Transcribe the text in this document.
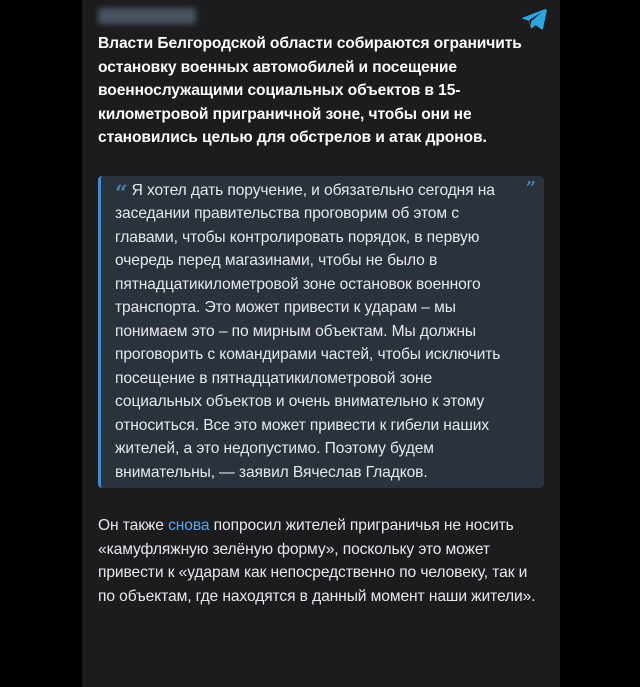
Власти Белгородской области собираются ограничить остановку военных автомобилей и посещение военнослужащими социальных объектов в 15-километровой приграничной зоне, чтобы они не становились целью для обстрелов и атак дронов.

”

“ Я хотел дать поручение, и обязательно сегодня на заседании правительства проговорим об этом с главами, чтобы контролировать порядок, в первую очередь перед магазинами, чтобы не было в пятнадцатикилометровой зоне остановок военного транспорта. Это может привести к ударам – мы понимаем это – по мирным объектам. Мы должны проговорить с командирами частей, чтобы исключить посещение в пятнадцатикилометровой зоне социальных объектов и очень внимательно к этому относиться. Все это может привести к гибели наших жителей, а это недопустимо. Поэтому будем внимательны, — заявил Вячеслав Гладков.

Он также снова попросил жителей приграничья не носить «камуфляжную зелёную форму», поскольку это может привести к «ударам как непосредственно по человеку, так и по объектам, где находятся в данный момент наши жители».
